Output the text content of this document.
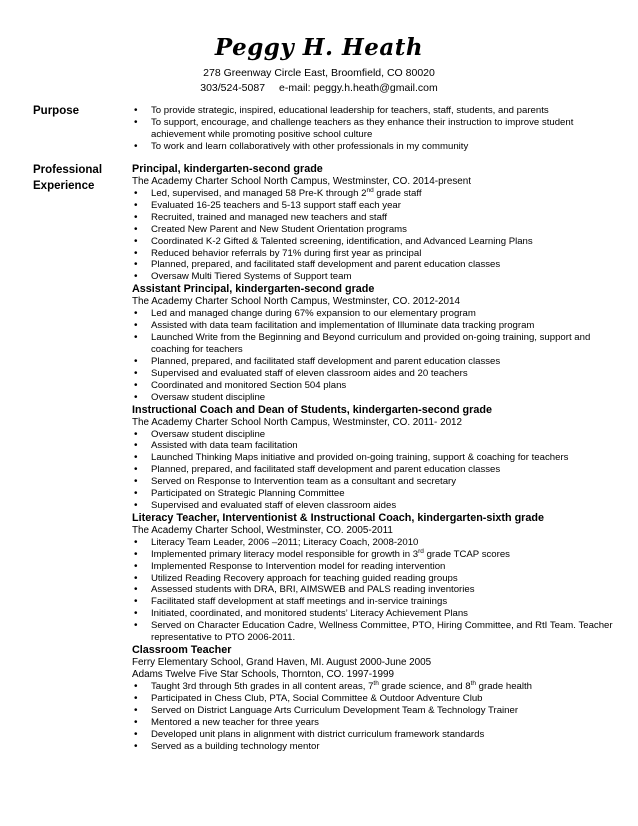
Peggy H. Heath
278 Greenway Circle East, Broomfield, CO 80020
303/524-5087 e-mail: peggy.h.heath@gmail.com
Purpose
•	To provide strategic, inspired, educational leadership for teachers, staff, students, and parents
• To support, encourage, and challenge teachers as they enhance their instruction to improve student achievement while promoting positive school culture
• To work and learn collaboratively with other professionals in my community
Professional
Experience
Principal, kindergarten-second grade
The Academy Charter School North Campus, Westminster, CO. 2014-present
• Led, supervised, and managed 58 Pre-K through 2nd grade staff
• Evaluated 16-25 teachers and 5-13 support staff each year
• Recruited, trained and managed new teachers and staff
• Created New Parent and New Student Orientation programs
• Coordinated K-2 Gifted & Talented screening, identification, and Advanced Learning Plans
• Reduced behavior referrals by 71% during first year as principal
• Planned, prepared, and facilitated staff development and parent education classes
• Oversaw Multi Tiered Systems of Support team
Assistant Principal, kindergarten-second grade
The Academy Charter School North Campus, Westminster, CO. 2012-2014
• Led and managed change during 67% expansion to our elementary program
• Assisted with data team facilitation and implementation of Illuminate data tracking program
• Launched Write from the Beginning and Beyond curriculum and provided on-going training, support and coaching for teachers
• Planned, prepared, and facilitated staff development and parent education classes
• Supervised and evaluated staff of eleven classroom aides and 20 teachers
• Coordinated and monitored Section 504 plans
• Oversaw student discipline
Instructional Coach and Dean of Students, kindergarten-second grade
The Academy Charter School North Campus, Westminster, CO. 2011- 2012
• Oversaw student discipline
• Assisted with data team facilitation
• Launched Thinking Maps initiative and provided on-going training, support & coaching for teachers
• Planned, prepared, and facilitated staff development and parent education classes
• Served on Response to Intervention team as a consultant and secretary
• Participated on Strategic Planning Committee
• Supervised and evaluated staff of eleven classroom aides
Literacy Teacher, Interventionist & Instructional Coach, kindergarten-sixth grade
The Academy Charter School, Westminster, CO. 2005-2011
• Literacy Team Leader, 2006 –2011; Literacy Coach, 2008-2010
• Implemented primary literacy model responsible for growth in 3rd grade TCAP scores
• Implemented Response to Intervention model for reading intervention
• Utilized Reading Recovery approach for teaching guided reading groups
• Assessed students with DRA, BRI, AIMSWEB and PALS reading inventories
• Facilitated staff development at staff meetings and in-service trainings
• Initiated, coordinated, and monitored students’ Literacy Achievement Plans
• Served on Character Education Cadre, Wellness Committee, PTO, Hiring Committee, and RtI Team. Teacher representative to PTO 2006-2011.
Classroom Teacher
Ferry Elementary School, Grand Haven, MI. August 2000-June 2005
Adams Twelve Five Star Schools, Thornton, CO. 1997-1999
• Taught 3rd through 5th grades in all content areas, 7th grade science, and 8th grade health
• Participated in Chess Club, PTA, Social Committee & Outdoor Adventure Club
• Served on District Language Arts Curriculum Development Team & Technology Trainer
• Mentored a new teacher for three years
• Developed unit plans in alignment with district curriculum framework standards
• Served as a building technology mentor
